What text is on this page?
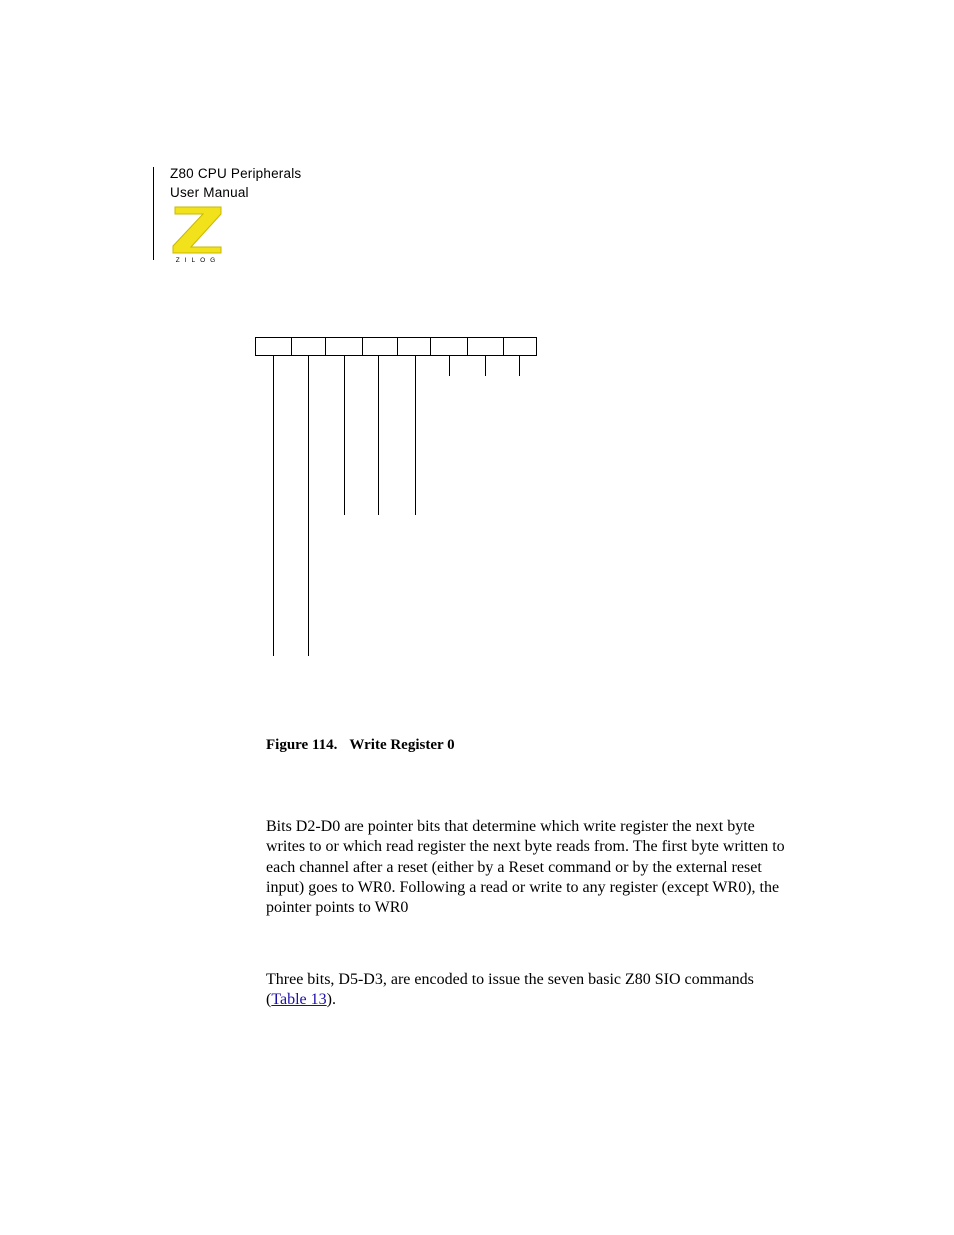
Z80 CPU Peripherals
User Manual
ZILOG
Figure 114. Write Register 0

Bits D2-D0 are pointer bits that determine which write register the next byte writes to or which read register the next byte reads from. The first byte written to each channel after a reset (either by a Reset command or by the external reset input) goes to WR0. Following a read or write to any register (except WR0), the pointer points to WR0

Three bits, D5-D3, are encoded to issue the seven basic Z80 SIO commands (Table 13).
